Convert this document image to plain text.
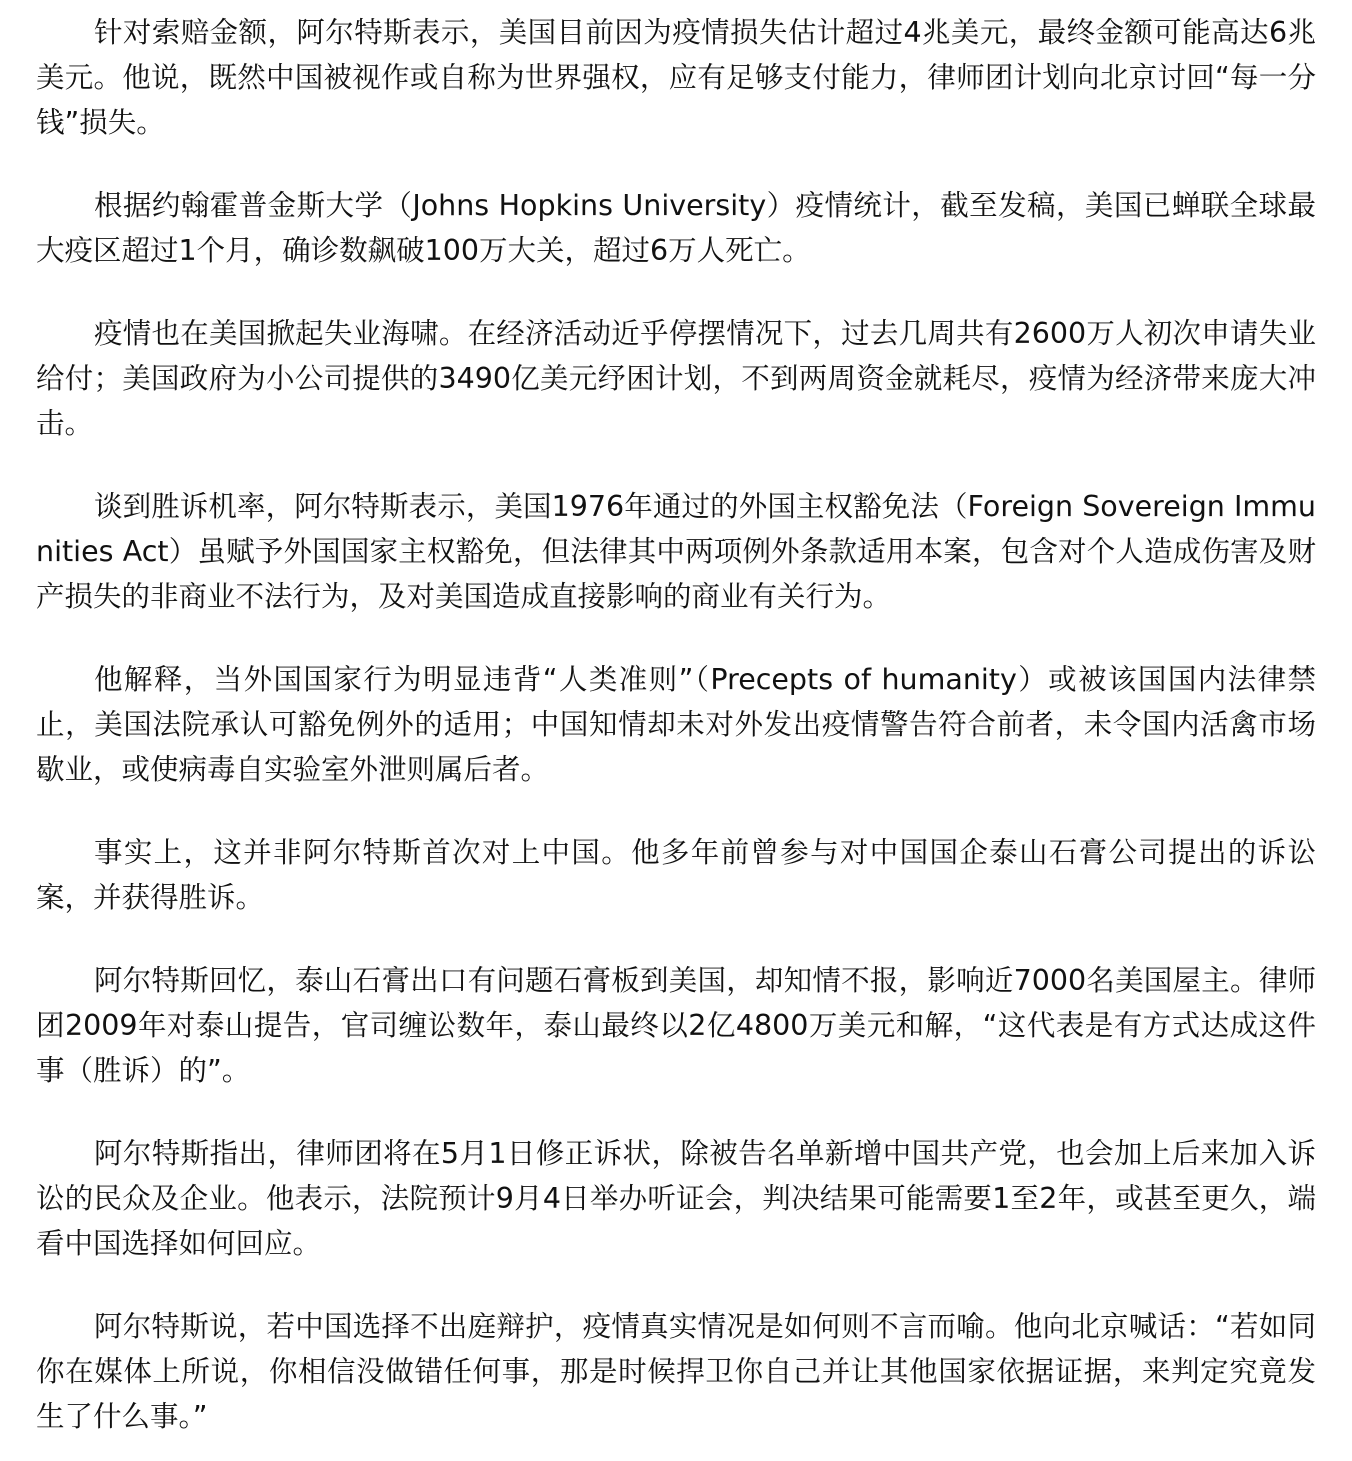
针对索赔金额，阿尔特斯表示，美国目前因为疫情损失估计超过4兆美元，最终金额可能高达6兆美元。他说，既然中国被视作或自称为世界强权，应有足够支付能力，律师团计划向北京讨回“每一分钱”损失。

根据约翰霍普金斯大学（Johns Hopkins University）疫情统计，截至发稿，美国已蝉联全球最大疫区超过1个月，确诊数飙破100万大关，超过6万人死亡。

疫情也在美国掀起失业海啸。在经济活动近乎停摆情况下，过去几周共有2600万人初次申请失业给付；美国政府为小公司提供的3490亿美元纾困计划，不到两周资金就耗尽，疫情为经济带来庞大冲击。

谈到胜诉机率，阿尔特斯表示，美国1976年通过的外国主权豁免法（Foreign Sovereign Immunities Act）虽赋予外国国家主权豁免，但法律其中两项例外条款适用本案，包含对个人造成伤害及财产损失的非商业不法行为，及对美国造成直接影响的商业有关行为。

他解释，当外国国家行为明显违背“人类准则”（Precepts of humanity）或被该国国内法律禁止，美国法院承认可豁免例外的适用；中国知情却未对外发出疫情警告符合前者，未令国内活禽市场歇业，或使病毒自实验室外泄则属后者。

事实上，这并非阿尔特斯首次对上中国。他多年前曾参与对中国国企泰山石膏公司提出的诉讼案，并获得胜诉。

阿尔特斯回忆，泰山石膏出口有问题石膏板到美国，却知情不报，影响近7000名美国屋主。律师团2009年对泰山提告，官司缠讼数年，泰山最终以2亿4800万美元和解，“这代表是有方式达成这件事（胜诉）的”。

阿尔特斯指出，律师团将在5月1日修正诉状，除被告名单新增中国共产党，也会加上后来加入诉讼的民众及企业。他表示，法院预计9月4日举办听证会，判决结果可能需要1至2年，或甚至更久，端看中国选择如何回应。

阿尔特斯说，若中国选择不出庭辩护，疫情真实情况是如何则不言而喻。他向北京喊话：“若如同你在媒体上所说，你相信没做错任何事，那是时候捍卫你自己并让其他国家依据证据，来判定究竟发生了什么事。”
